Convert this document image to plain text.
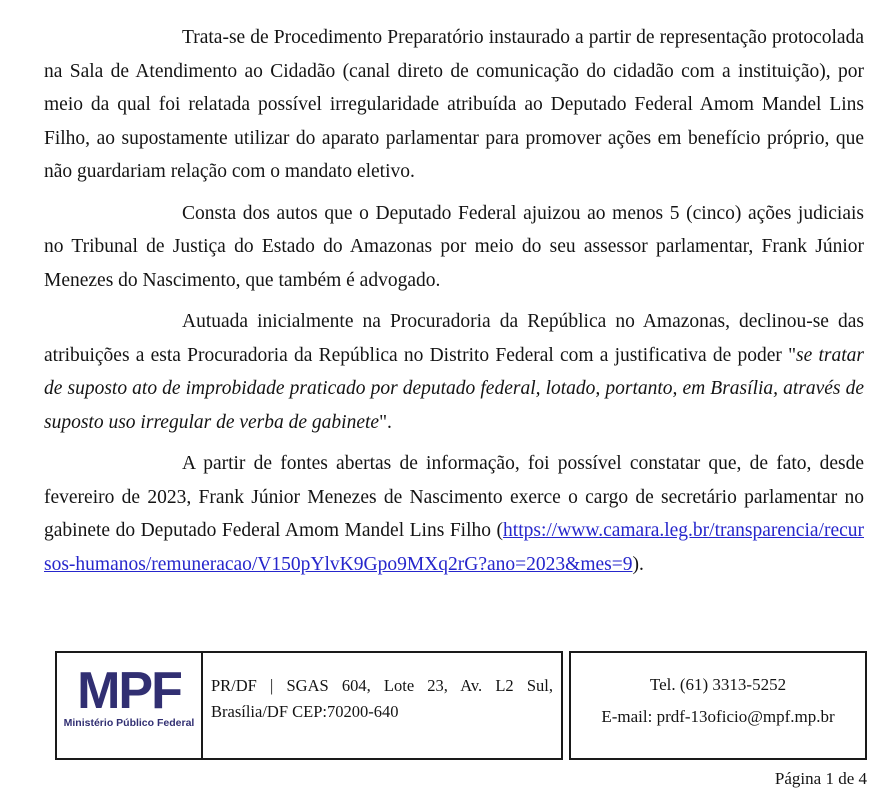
Trata-se de Procedimento Preparatório instaurado a partir de representação protocolada na Sala de Atendimento ao Cidadão (canal direto de comunicação do cidadão com a instituição), por meio da qual foi relatada possível irregularidade atribuída ao Deputado Federal Amom Mandel Lins Filho, ao supostamente utilizar do aparato parlamentar para promover ações em benefício próprio, que não guardariam relação com o mandato eletivo.

Consta dos autos que o Deputado Federal ajuizou ao menos 5 (cinco) ações judiciais no Tribunal de Justiça do Estado do Amazonas por meio do seu assessor parlamentar, Frank Júnior Menezes do Nascimento, que também é advogado.

Autuada inicialmente na Procuradoria da República no Amazonas, declinou-se das atribuições a esta Procuradoria da República no Distrito Federal com a justificativa de poder "se tratar de suposto ato de improbidade praticado por deputado federal, lotado, portanto, em Brasília, através de suposto uso irregular de verba de gabinete".

A partir de fontes abertas de informação, foi possível constatar que, de fato, desde fevereiro de 2023, Frank Júnior Menezes de Nascimento exerce o cargo de secretário parlamentar no gabinete do Deputado Federal Amom Mandel Lins Filho (https://www.camara.leg.br/transparencia/recursos-humanos/remuneracao/V150pYlvK9Gpo9MXq2rG?ano=2023&mes=9).

MPF
Ministério Público Federal
PR/DF | SGAS 604, Lote 23, Av. L2 Sul,
Brasília/DF CEP:70200-640
Tel. (61) 3313-5252
E-mail: prdf-13oficio@mpf.mp.br
Página 1 de 4
